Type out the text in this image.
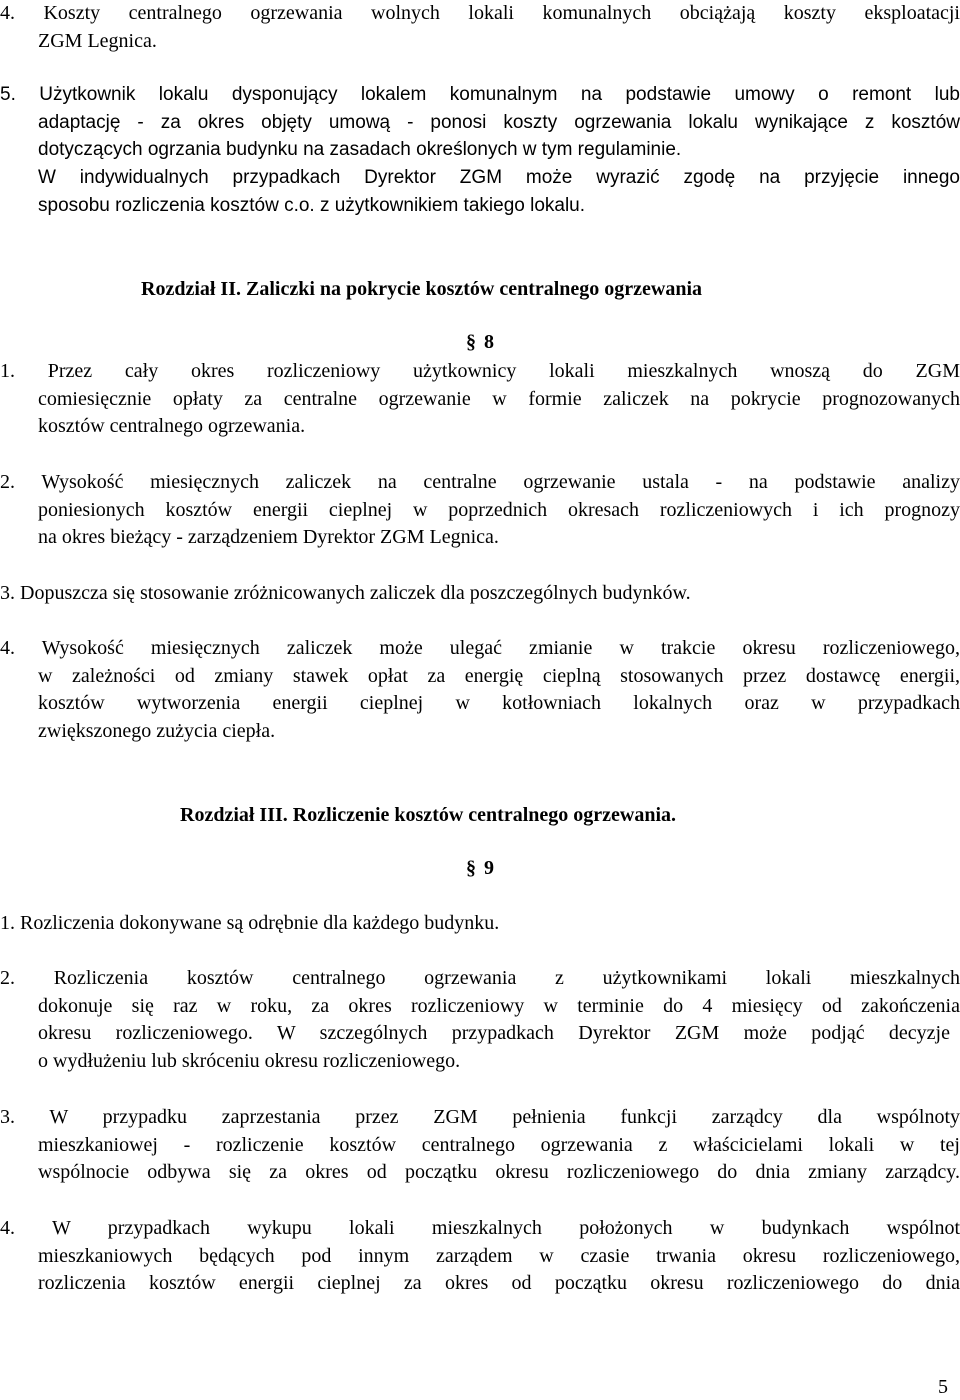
4. Koszty centralnego ogrzewania wolnych lokali komunalnych obciążają koszty eksploatacji
ZGM Legnica.
5. Użytkownik lokalu dysponujący lokalem komunalnym na podstawie umowy o remont lub
adaptację - za okres objęty umową - ponosi koszty ogrzewania lokalu wynikające z kosztów
dotyczących ogrzania budynku na zasadach określonych w tym regulaminie.
W indywidualnych przypadkach Dyrektor ZGM może wyrazić zgodę na przyjęcie innego
sposobu rozliczenia kosztów c.o. z użytkownikiem takiego lokalu.
Rozdział II. Zaliczki na pokrycie kosztów centralnego ogrzewania
§ 8
1. Przez cały okres rozliczeniowy użytkownicy lokali mieszkalnych wnoszą do ZGM
comiesięcznie opłaty za centralne ogrzewanie w formie zaliczek na pokrycie prognozowanych
kosztów centralnego ogrzewania.
2. Wysokość miesięcznych zaliczek na centralne ogrzewanie ustala - na podstawie analizy
poniesionych kosztów energii cieplnej w poprzednich okresach rozliczeniowych i ich prognozy
na okres bieżący - zarządzeniem Dyrektor ZGM Legnica.
3. Dopuszcza się stosowanie zróżnicowanych zaliczek dla poszczególnych budynków.
4. Wysokość miesięcznych zaliczek może ulegać zmianie w trakcie okresu rozliczeniowego,
w zależności od zmiany stawek opłat za energię cieplną stosowanych przez dostawcę energii,
kosztów wytworzenia energii cieplnej w kotłowniach lokalnych oraz w przypadkach
zwiększonego zużycia ciepła.
Rozdział III. Rozliczenie kosztów centralnego ogrzewania.
§ 9
1. Rozliczenia dokonywane są odrębnie dla każdego budynku.
2. Rozliczenia kosztów centralnego ogrzewania z użytkownikami lokali mieszkalnych
dokonuje się raz w roku, za okres rozliczeniowy w terminie do 4 miesięcy od zakończenia
okresu rozliczeniowego. W szczególnych przypadkach Dyrektor ZGM może podjąć decyzje
o wydłużeniu lub skróceniu okresu rozliczeniowego.
3. W przypadku zaprzestania przez ZGM pełnienia funkcji zarządcy dla wspólnoty
mieszkaniowej - rozliczenie kosztów centralnego ogrzewania z właścicielami lokali w tej
wspólnocie odbywa się za okres od początku okresu rozliczeniowego do dnia zmiany zarządcy.
4. W przypadkach wykupu lokali mieszkalnych położonych w budynkach wspólnot
mieszkaniowych będących pod innym zarządem w czasie trwania okresu rozliczeniowego,
rozliczenia kosztów energii cieplnej za okres od początku okresu rozliczeniowego do dnia
5
